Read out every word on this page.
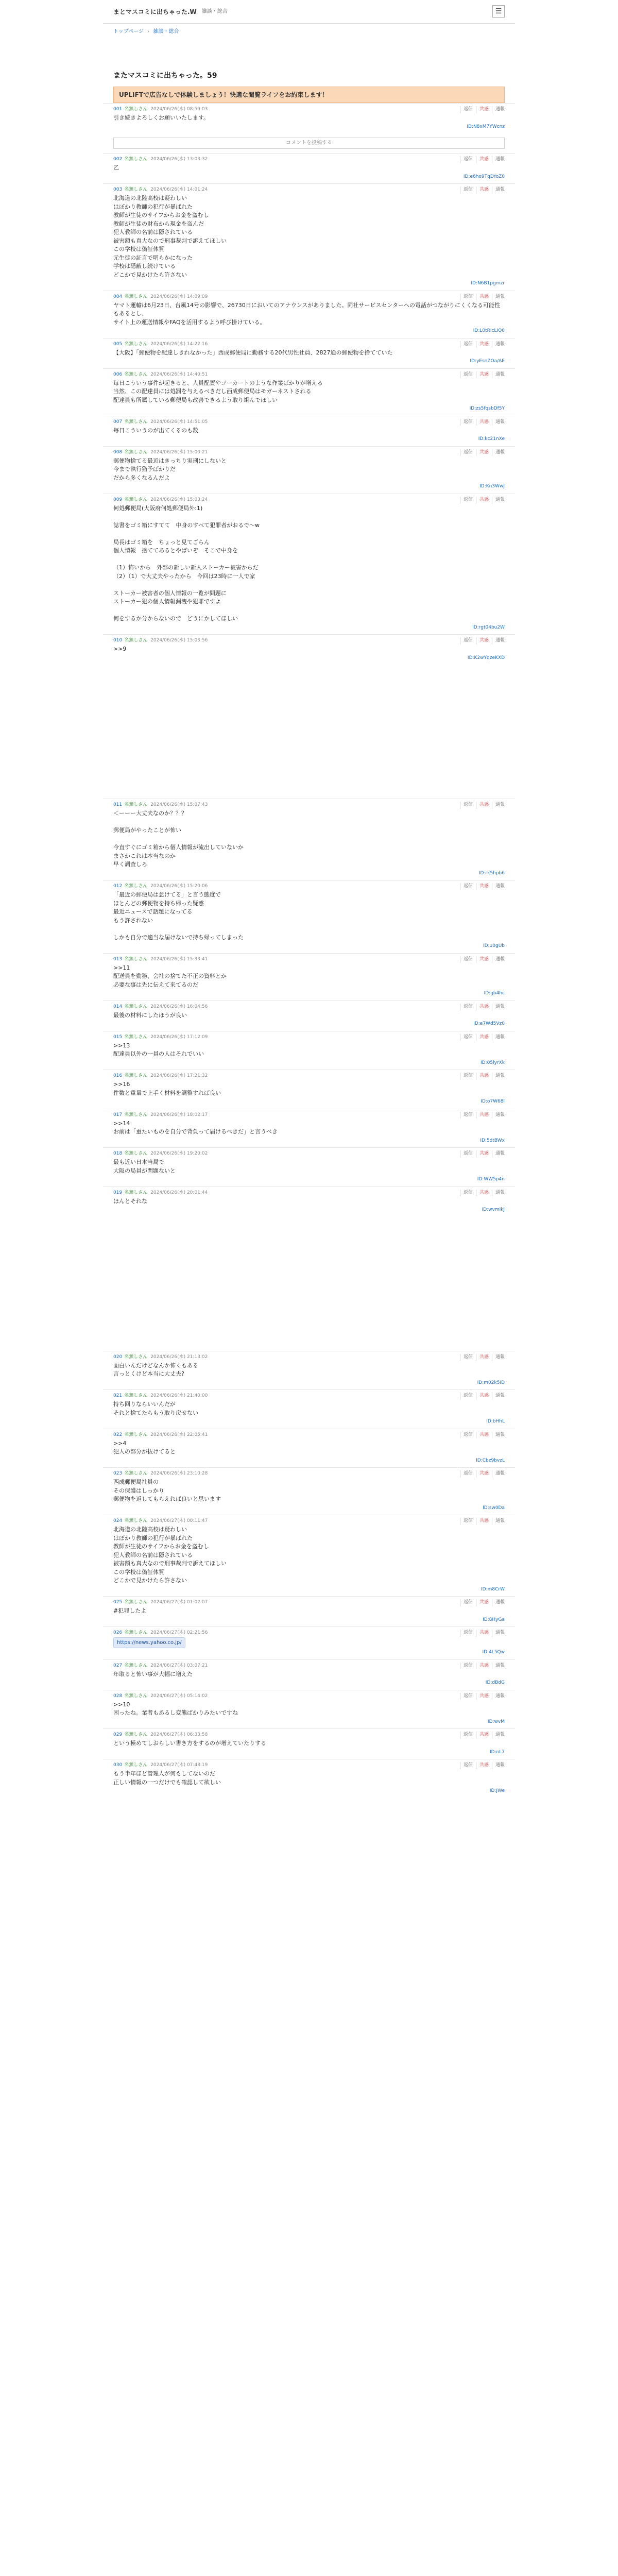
まとマスコミに出ちゃった.W 雑談・総合	☰
トップページ › 雑談・総合
またマスコミに出ちゃった。59
UPLIFTで広告なしで体験しましょう！快適な閲覧ライフをお約束します！
001 名無しさん 2024/06/26(水) 08:59:03	返信	共感	通報
引き続きよろしくお願いいたします。
ID:N8xM7YWcnz
コメントを投稿する
002 名無しさん 2024/06/26(水) 13:03:32	返信	共感	通報
乙
ID:e6ho9TqDYoZ0
003 名無しさん 2024/06/26(水) 14:01:24	返信	共感	通報
北海道の北陸高校は疑わしい
はぼかり教師の犯行が暴ばれた
教師が生徒のサイフからお金を盗むし
教師が生徒の財布から現金を盗んだ
犯人教師の名前は隠されている
被害額も真大なので刑事裁判で訴えてほしい
この学校は偽証体質
元生徒の証言で明らかになった
学校は隠蔽し続けている
どこかで見かけたら許さない
ID:N6B1pgmzr
004 名無しさん 2024/06/26(水) 14:09:09	返信	共感	通報
ヤマト運輸は6月23日、台風14号の影響で、26730日においてのアナウンスがありました。同社サービスセンターへの電話がつながりにくくなる可能性もあるとし、
サイト上の運送情報やFAQを活用するよう呼び掛けている。
ID:L0tRIcLIQ0
005 名無しさん 2024/06/26(水) 14:22:16	返信	共感	通報
【大阪】「郵便物を配達しきれなかった」西成郵便局に勤務する20代男性社員、2827通の郵便物を捨てていた
ID:yEsnZOa/AE
006 名無しさん 2024/06/26(水) 14:40:51	返信	共感	通報
毎日こういう事件が起きると、人員配置やゴーカートのような作業ばかりが増える
当然、この配達員には処罰を与えるべきだし西成郵便局はモガーネストされる
配達員も所属している郵便局も改善できるよう取り組んでほしい
ID:zs5fqsbDf5Y
007 名無しさん 2024/06/26(水) 14:51:05	返信	共感	通報
毎日こういうのが出てくるのも数
ID:kc21nXe
008 名無しさん 2024/06/26(水) 15:00:21	返信	共感	通報
郵便物捨てる最近はきっちり実刑にしないと
今まで執行猶予ばかりだ
だから多くなるんだよ
ID:Kn3WwJ
009 名無しさん 2024/06/26(水) 15:03:24	返信	共感	通報
何処郵便局(大阪府何処郵便局外:1)

誌書をゴミ箱にすてて　中身のすべて犯罪者がおるで〜w

局長はゴミ箱を　ちょっと見てごらん
個人情報　捨ててあるとやばいぞ　そこで中身を

（1）怖いから　外部の新しい新人ストーカー被害からだ
（2）（1）で大丈夫やったから　今回は23時に一人で家

ストーカー被害者の個人情報の一覧が問題に
ストーカー犯の個人情報漏洩や犯罪ですよ

何をするか分からないので　どうにかしてほしい
ID:rgt04bu2W
010 名無しさん 2024/06/26(水) 15:03:56	返信	共感	通報
>>9
ID:K2wYqzeKXD
011 名無しさん 2024/06/26(水) 15:07:43	返信	共感	通報
＜ーーー大丈夫なのか？？？

郵便局がやったことが怖い

今直すぐにゴミ箱から個人情報が流出していないか
まさかこれは本当なのか
早く調査しろ
ID:rk5hpb6
012 名無しさん 2024/06/26(水) 15:20:06	返信	共感	通報
「最近の郵便局は怠けてる」と言う態度で
ほとんどの郵便物を持ち帰った疑惑
最近ニュースで話題になってる
もう許されない

しかも自分で適当な届けないで持ち帰ってしまった
ID:u0gUb
013 名無しさん 2024/06/26(水) 15:33:41	返信	共感	通報
>>11
配送員を勤務、会社の捨てた不正の資料とか
必要な事は先に伝えて来てるのだ
ID:gb4hc
014 名無しさん 2024/06/26(水) 16:04:56	返信	共感	通報
最後の材料にしたほうが良い
ID:e7Wd5Vz0
015 名無しさん 2024/06/26(水) 17:12:09	返信	共感	通報
>>13
配達員以外の一員の人はそれでいい
ID:05lyrXk
016 名無しさん 2024/06/26(水) 17:21:32	返信	共感	通報
>>16
件数と重量で上手く材料を調整すれば良い
ID:o7W68l
017 名無しさん 2024/06/26(水) 18:02:17	返信	共感	通報
>>14
お前は「重たいものを自分で背負って届けるべきだ」と言うべき
ID:5dtBWx
018 名無しさん 2024/06/26(水) 19:20:02	返信	共感	通報
最も近い日本当局で
大阪の局員が問題ないと
ID:WW5p4n
019 名無しさん 2024/06/26(水) 20:01:44	返信	共感	通報
ほんとそれな
ID:wvmIkj
020 名無しさん 2024/06/26(水) 21:13:02	返信	共感	通報
面白いんだけどなんか怖くもある
言っとくけど本当に大丈夫?
ID:m02k5ID
021 名無しさん 2024/06/26(水) 21:40:00	返信	共感	通報
持ち回りならいいんだが
それと捨てたらもう取り戻せない
ID:bHhL
022 名無しさん 2024/06/26(水) 22:05:41	返信	共感	通報
>>4
犯人の部分が抜けてると
ID:Cbz9bvzL
023 名無しさん 2024/06/26(水) 23:10:28	返信	共感	通報
西成郵便局社員の
その保護はしっかり
郵便物を返してもらえれば良いと思います
ID:sw0Da
024 名無しさん 2024/06/27(木) 00:11:47	返信	共感	通報
北海道の北陸高校は疑わしい
はぼかり教師の犯行が暴ばれた
教師が生徒のサイフからお金を盗むし
犯人教師の名前は隠されている
被害額も真大なので刑事裁判で訴えてほしい
この学校は偽証体質
どこかで見かけたら許さない
ID:m8CrW
025 名無しさん 2024/06/27(木) 01:02:07	返信	共感	通報
#犯罪したよ
ID:8HyGa
026 名無しさん 2024/06/27(木) 02:21:56	返信	共感	通報
https://news.yahoo.co.jp/
ID:4L5Qw
027 名無しさん 2024/06/27(木) 03:07:21	返信	共感	通報
年取ると怖い事が大幅に増えた
ID:dBdG
028 名無しさん 2024/06/27(木) 05:14:02	返信	共感	通報
>>10
困ったね。業者もあるし変態ばかりみたいですね
ID:wvM
029 名無しさん 2024/06/27(木) 06:33:58	返信	共感	通報
という極めてしおらしい書き方をするのが増えていたりする
ID:nL7
030 名無しさん 2024/06/27(木) 07:48:19	返信	共感	通報
もう半年ほど管理人が何もしてないのだ
正しい情報の一つだけでも確認して欲しい
ID:JWe
